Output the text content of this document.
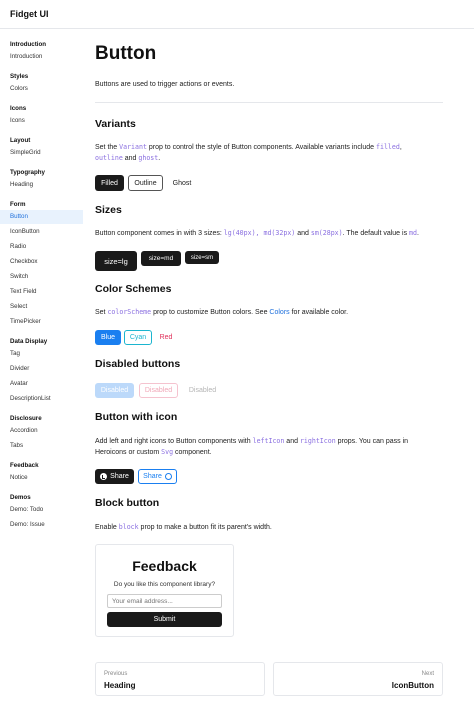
Fidget UI
Introduction
Introduction
Styles
Colors
Icons
Icons
Layout
SimpleGrid
Typography
Heading
Form
Button
IconButton
Radio
Checkbox
Switch
Text Field
Select
TimePicker
Data Display
Tag
Divider
Avatar
DescriptionList
Disclosure
Accordion
Tabs
Feedback
Notice
Demos
Demo: Todo
Demo: Issue
Button

Buttons are used to trigger actions or events.

Variants

Set the Variant prop to control the style of Button components. Available variants include filled,
outline and ghost.

Filled	Outline	Ghost
Sizes

Button component comes in with 3 sizes: lg(40px), md(32px) and sm(28px). The default value is md.

size=lg	size=md	size=sm
Color Schemes

Set colorScheme prop to customize Button colors. See Colors for available color.

Blue	Cyan	Red
Disabled buttons
Disabled	Disabled	Disabled
Button with icon

Add left and right icons to Button components with leftIcon and rightIcon props. You can pass in Heroicons or custom Svg component.

Share Share
Block button

Enable block prop to make a button fit its parent's width.

Feedback
Do you like this component library?
Your email address...
Submit
Previous
Heading
Next
IconButton
